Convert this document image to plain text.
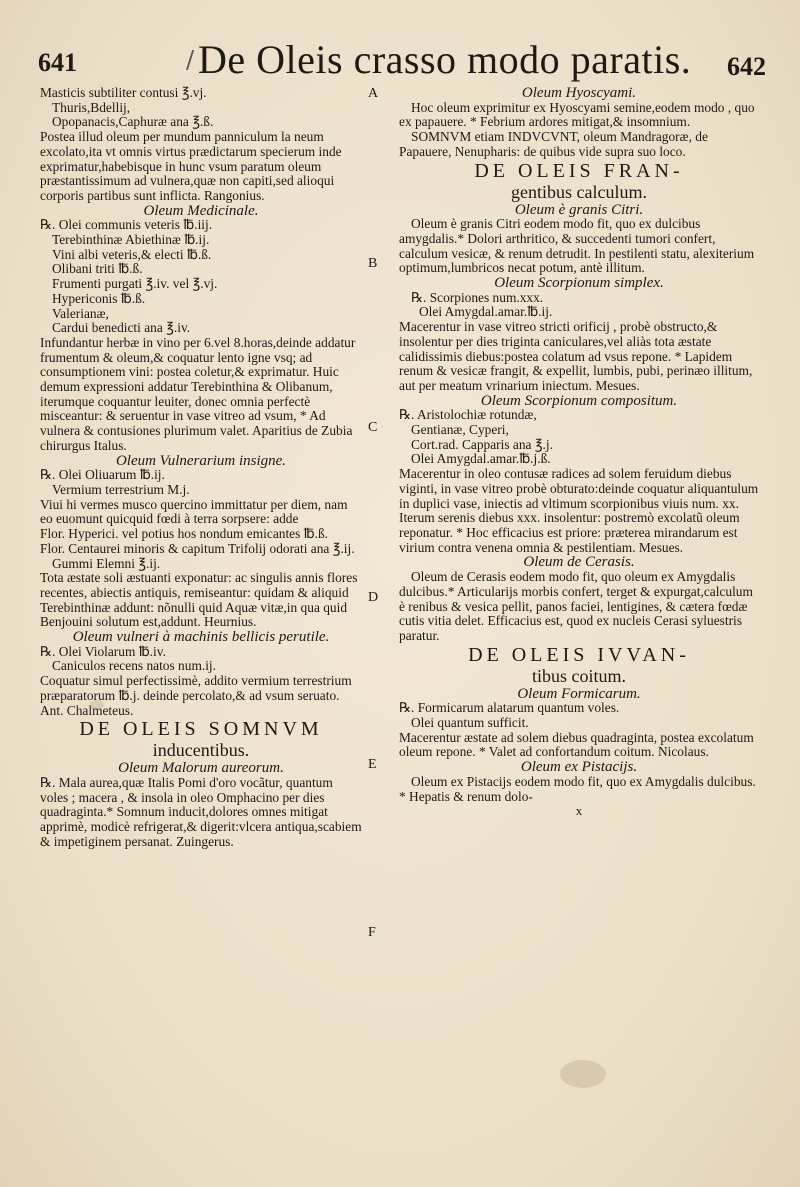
641	/ De Oleis crasso modo paratis. 642

Masticis subtiliter contusi ℥.vj.

Thuris,Bdellij,

Opopanacis,Caphuræ ana ℥.ß.

Postea illud oleum per mundum panniculum la neum excolato,ita vt omnis virtus prædictarum specierum inde exprimatur,habebisque in hunc vsum paratum oleum præstantissimum ad vulnera,quæ non capiti,sed alioqui corporis partibus sunt inflicta. Rangonius.

Oleum Medicinale.

℞. Olei communis veteris ℔.iij.

Terebinthinæ Abiethinæ ℔.ij.

Vini albi veteris,& electi ℔.ß.

Olibani triti ℔.ß.

Frumenti purgati ℥.iv. vel ℥.vj.

Hypericonis ℔.ß.

Valerianæ,

Cardui benedicti ana ℥.iv.

Infundantur herbæ in vino per 6.vel 8.horas,deinde addatur frumentum & oleum,& coquatur lento igne vsq; ad consumptionem vini: postea coletur,& exprimatur. Huic demum expressioni addatur Terebinthina & Olibanum, iterumque coquantur leuiter, donec omnia perfectè misceantur: & seruentur in vase vitreo ad vsum, * Ad vulnera & contusiones plurimum valet. Aparitius de Zubia chirurgus Italus.

Oleum Vulnerarium insigne.

℞. Olei Oliuarum ℔.ij.

Vermium terrestrium M.j.

Viui hi vermes musco quercino immittatur per diem, nam eo euomunt quicquid fœdi à terra sorpsere: adde

Flor. Hyperici. vel potius hos nondum emicantes ℔.ß.

Flor. Centaurei minoris & capitum Trifolij odorati ana ℥.ij.

Gummi Elemni ℥.ij.

Tota æstate soli æstuanti exponatur: ac singulis annis flores recentes, abiectis antiquis, remiseantur: quidam & aliquid Terebinthinæ addunt: nõnulli quid Aquæ vitæ,in qua quid Benjouini solutum est,addunt. Heurnius.

Oleum vulneri à machinis bellicis perutile.

℞. Olei Violarum ℔.iv.

Caniculos recens natos num.ij.

Coquatur simul perfectissimè, addito vermium terrestrium præparatorum ℔.j. deinde percolato,& ad vsum seruato. Ant. Chalmeteus.

DE OLEIS SOMNVM

inducentibus.

Oleum Malorum aureorum.

℞. Mala aurea,quæ Italis Pomi d'oro vocãtur, quantum voles ; macera , & insola in oleo Omphacino per dies quadraginta.* Somnum inducit,dolores omnes mitigat apprimè, modicè refrigerat,& digerit:vlcera antiqua,scabiem & impetiginem persanat. Zuingerus.

Oleum Hyoscyami.

Hoc oleum exprimitur ex Hyoscyami semine,eodem modo , quo ex papauere. * Febrium ardores mitigat,& insomnium.

SOMNVM etiam INDVCVNT, oleum Mandragoræ, de Papauere, Nenupharis: de quibus vide supra suo loco.

DE OLEIS FRAN-

gentibus calculum.

Oleum è granis Citri.

Oleum è granis Citri eodem modo fit, quo ex dulcibus amygdalis.* Dolori arthritico, & succedenti tumori confert, calculum vesicæ, & renum detrudit. In pestilenti statu, alexiterium optimum,lumbricos necat potum, antè illitum.

Oleum Scorpionum simplex.

℞. Scorpiones num.xxx.

Olei Amygdal.amar.℔.ij.

Macerentur in vase vitreo stricti orificij , probè obstructo,& insolentur per dies triginta caniculares,vel aliàs tota æstate calidissimis diebus:postea colatum ad vsus repone. * Lapidem renum & vesicæ frangit, & expellit, lumbis, pubi, perinæo illitum, aut per meatum vrinarium iniectum. Mesues.

Oleum Scorpionum compositum.

℞. Aristolochiæ rotundæ,

Gentianæ, Cyperi,

Cort.rad. Capparis ana ℥.j.

Olei Amygdal.amar.℔.j.ß.

Macerentur in oleo contusæ radices ad solem feruidum diebus viginti, in vase vitreo probè obturato:deinde coquatur aliquantulum in duplici vase, iniectis ad vltimum scorpionibus viuis num. xx. Iterum serenis diebus xxx. insolentur: postremò excolatũ oleum reponatur. * Hoc efficacius est priore: præterea mirandarum est virium contra venena omnia & pestilentiam. Mesues.

Oleum de Cerasis.

Oleum de Cerasis eodem modo fit, quo oleum ex Amygdalis dulcibus.* Articularijs morbis confert, terget & expurgat,calculum è renibus & vesica pellit, panos faciei, lentigines, & cætera fœdæ cutis vitia delet. Efficacius est, quod ex nucleis Cerasi syluestris paratur.

DE OLEIS IVVAN-

tibus coitum.

Oleum Formicarum.

℞. Formicarum alatarum quantum voles.

Olei quantum sufficit.

Macerentur æstate ad solem diebus quadraginta, postea excolatum oleum repone. * Valet ad confortandum coitum. Nicolaus.

Oleum ex Pistacijs.

Oleum ex Pistacijs eodem modo fit, quo ex Amygdalis dulcibus. * Hepatis & renum dolo-

x

A
B
C
D
E
F
